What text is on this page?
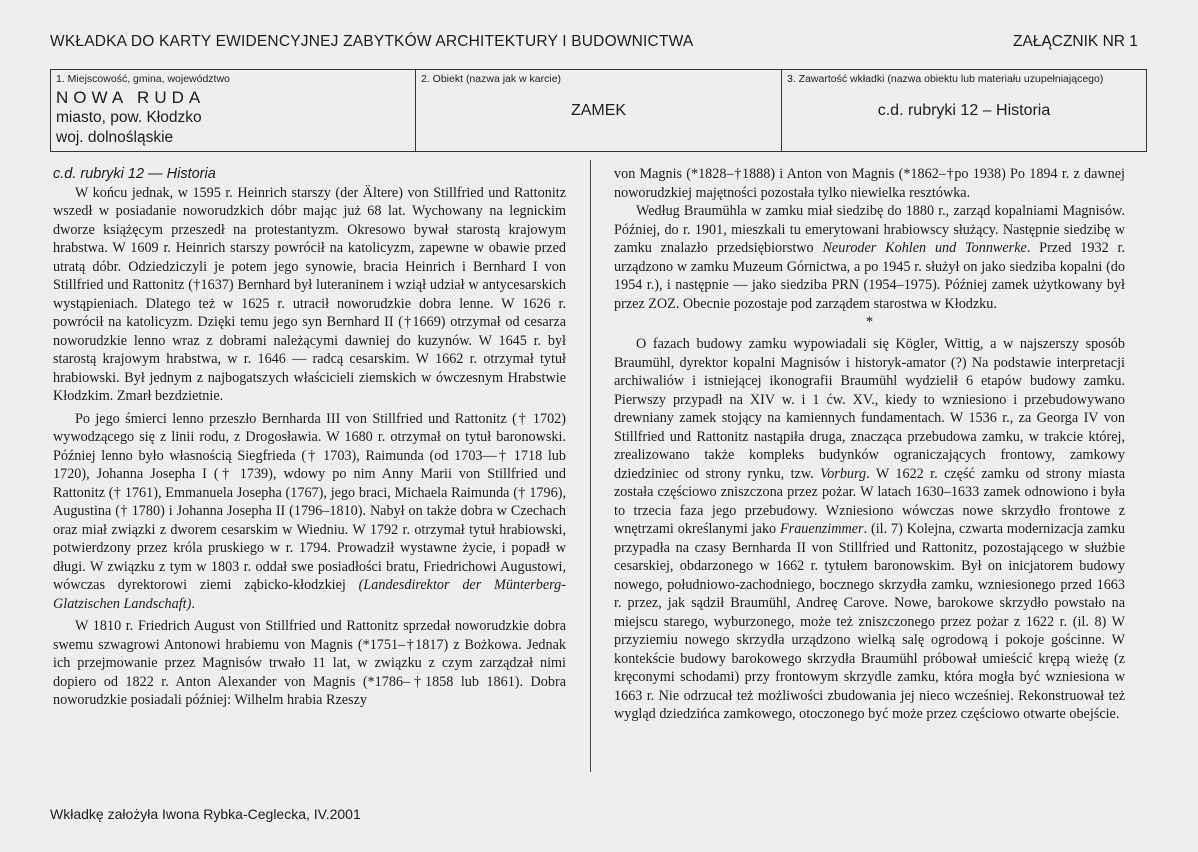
WKŁADKA DO KARTY EWIDENCYJNEJ ZABYTKÓW ARCHITEKTURY I BUDOWNICTWA	ZAŁĄCZNIK NR 1
1. Miejscowość, gmina, województwo
NOWA RUDA
miasto, pow. Kłodzko
woj. dolnośląskie
2. Obiekt (nazwa jak w karcie)
ZAMEK
3. Zawartość wkładki (nazwa obiektu lub materiału uzupełniającego)
c.d. rubryki 12 – Historia

c.d. rubryki 12 — Historia

W końcu jednak, w 1595 r. Heinrich starszy (der Ältere) von Stillfried und Rattonitz wszedł w posiadanie noworudzkich dóbr mając już 68 lat. Wychowany na legnickim dworze książęcym przeszedł na protestantyzm. Okresowo bywał starostą krajowym hrabstwa. W 1609 r. Heinrich starszy powrócił na katolicyzm, zapewne w obawie przed utratą dóbr. Odziedziczyli je potem jego synowie, bracia Heinrich i Bernhard I von Stillfried und Rattonitz (†1637) Bernhard był luteraninem i wziął udział w antycesarskich wystąpieniach. Dlatego też w 1625 r. utracił noworudzkie dobra lenne. W 1626 r. powrócił na katolicyzm. Dzięki temu jego syn Bernhard II (†1669) otrzymał od cesarza noworudzkie lenno wraz z dobrami należącymi dawniej do kuzynów. W 1645 r. był starostą krajowym hrabstwa, w r. 1646 — radcą cesarskim. W 1662 r. otrzymał tytuł hrabiowski. Był jednym z najbogatszych właścicieli ziemskich w ówczesnym Hrabstwie Kłodzkim. Zmarł bezdzietnie.

Po jego śmierci lenno przeszło Bernharda III von Stillfried und Rattonitz († 1702) wywodzącego się z linii rodu, z Drogosławia. W 1680 r. otrzymał on tytuł baronowski. Później lenno było własnością Siegfrieda († 1703), Raimunda (od 1703—† 1718 lub 1720), Johanna Josepha I († 1739), wdowy po nim Anny Marii von Stillfried und Rattonitz († 1761), Emmanuela Josepha (1767), jego braci, Michaela Raimunda († 1796), Augustina († 1780) i Johanna Josepha II (1796–1810). Nabył on także dobra w Czechach oraz miał związki z dworem cesarskim w Wiedniu. W 1792 r. otrzymał tytuł hrabiowski, potwierdzony przez króla pruskiego w r. 1794. Prowadził wystawne życie, i popadł w długi. W związku z tym w 1803 r. oddał swe posiadłości bratu, Friedrichowi Augustowi, wówczas dyrektorowi ziemi ząbicko-kłodzkiej (Landesdirektor der Münterberg-Glatzischen Landschaft).

W 1810 r. Friedrich August von Stillfried und Rattonitz sprzedał noworudzkie dobra swemu szwagrowi Antonowi hrabiemu von Magnis (*1751–†1817) z Bożkowa. Jednak ich przejmowanie przez Magnisów trwało 11 lat, w związku z czym zarządzał nimi dopiero od 1822 r. Anton Alexander von Magnis (*1786–†1858 lub 1861). Dobra noworudzkie posiadali później: Wilhelm hrabia Rzeszy

von Magnis (*1828–†1888) i Anton von Magnis (*1862–†po 1938) Po 1894 r. z dawnej noworudzkiej majętności pozostała tylko niewielka resztówka.

Według Braumühla w zamku miał siedzibę do 1880 r., zarząd kopalniami Magnisów. Później, do r. 1901, mieszkali tu emerytowani hrabiowscy służący. Następnie siedzibę w zamku znalazło przedsiębiorstwo Neuroder Kohlen und Tonnwerke. Przed 1932 r. urządzono w zamku Muzeum Górnictwa, a po 1945 r. służył on jako siedziba kopalni (do 1954 r.), i następnie — jako siedziba PRN (1954–1975). Później zamek użytkowany był przez ZOZ. Obecnie pozostaje pod zarządem starostwa w Kłodzku.

*

O fazach budowy zamku wypowiadali się Kögler, Wittig, a w najszerszy sposób Braumühl, dyrektor kopalni Magnisów i historyk-amator (?) Na podstawie interpretacji archiwaliów i istniejącej ikonografii Braumühl wydzielił 6 etapów budowy zamku. Pierwszy przypadł na XIV w. i 1 ćw. XV., kiedy to wzniesiono i przebudowywano drewniany zamek stojący na kamiennych fundamentach. W 1536 r., za Georga IV von Stillfried und Rattonitz nastąpiła druga, znacząca przebudowa zamku, w trakcie której, zrealizowano także kompleks budynków ograniczających frontowy, zamkowy dziedziniec od strony rynku, tzw. Vorburg. W 1622 r. część zamku od strony miasta została częściowo zniszczona przez pożar. W latach 1630–1633 zamek odnowiono i była to trzecia faza jego przebudowy. Wzniesiono wówczas nowe skrzydło frontowe z wnętrzami określanymi jako Frauenzimmer. (il. 7) Kolejna, czwarta modernizacja zamku przypadła na czasy Bernharda II von Stillfried und Rattonitz, pozostającego w służbie cesarskiej, obdarzonego w 1662 r. tytułem baronowskim. Był on inicjatorem budowy nowego, południowo-zachodniego, bocznego skrzydła zamku, wzniesionego przed 1663 r. przez, jak sądził Braumühl, Andreę Carove. Nowe, barokowe skrzydło powstało na miejscu starego, wyburzonego, może też zniszczonego przez pożar z 1622 r. (il. 8) W przyziemiu nowego skrzydła urządzono wielką salę ogrodową i pokoje gościnne. W kontekście budowy barokowego skrzydła Braumühl próbował umieścić krępą wieżę (z kręconymi schodami) przy frontowym skrzydle zamku, która mogła być wzniesiona w 1663 r. Nie odrzucał też możliwości zbudowania jej nieco wcześniej. Rekonstruował też wygląd dziedzińca zamkowego, otoczonego być może przez częściowo otwarte obejście.

Wkładkę założyła Iwona Rybka-Ceglecka, IV.2001
